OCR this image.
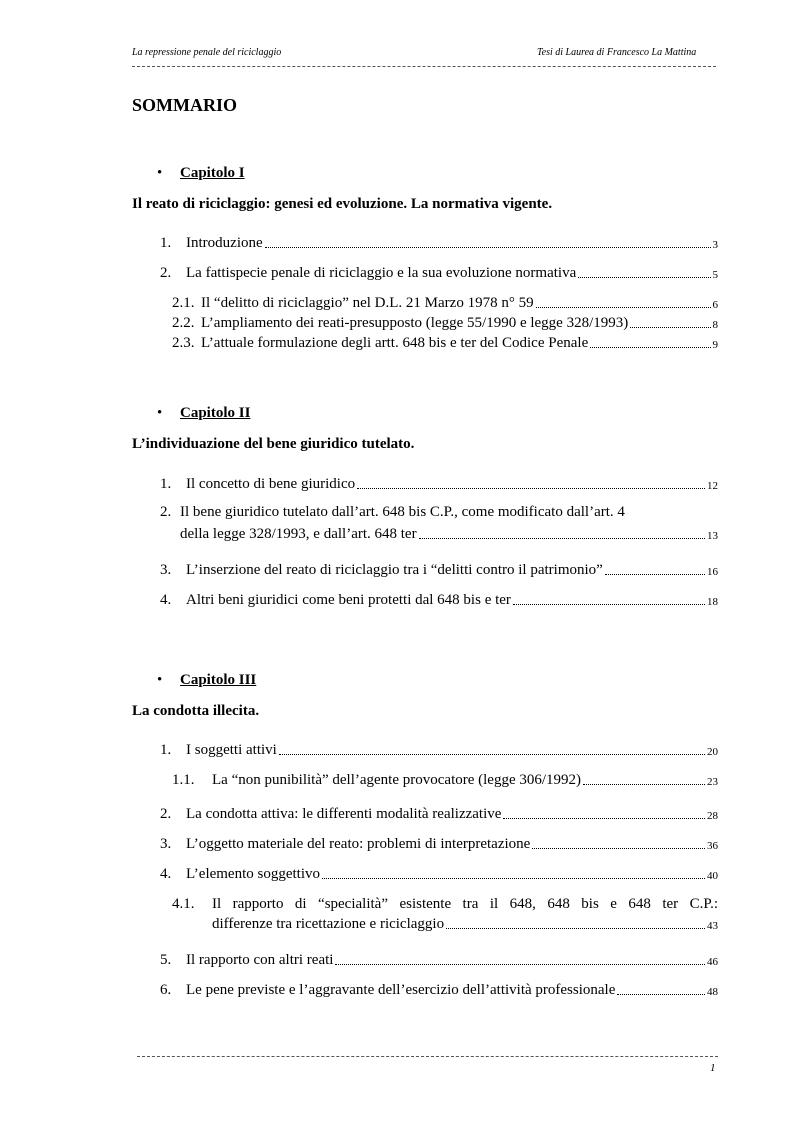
La repressione penale del riciclaggio	Tesi di Laurea di Francesco La Mattina
SOMMARIO
• Capitolo I
Il reato di riciclaggio: genesi ed evoluzione. La normativa vigente.
1. Introduzione	3
2. La fattispecie penale di riciclaggio e la sua evoluzione normativa	5
2.1. Il “delitto di riciclaggio” nel D.L. 21 Marzo 1978 n° 59	6
2.2. L’ampliamento dei reati-presupposto (legge 55/1990 e legge 328/1993)	8
2.3. L’attuale formulazione degli artt. 648 bis e ter del Codice Penale	9
• Capitolo II
L’individuazione del bene giuridico tutelato.
1. Il concetto di bene giuridico	12
2. Il bene giuridico tutelato dall’art. 648 bis C.P., come modificato dall’art. 4
della legge 328/1993, e dall’art. 648 ter	13
3. L’inserzione del reato di riciclaggio tra i “delitti contro il patrimonio”	16
4. Altri beni giuridici come beni protetti dal 648 bis e ter	18
• Capitolo III
La condotta illecita.
1. I soggetti attivi	20
1.1.	La “non punibilità” dell’agente provocatore (legge 306/1992)	23
2. La condotta attiva: le differenti modalità realizzative	28
3. L’oggetto materiale del reato: problemi di interpretazione	36
4. L’elemento soggettivo	40
4.1.	Il rapporto di “specialità” esistente tra il 648, 648 bis e 648 ter C.P.:
differenze tra ricettazione e riciclaggio	43
5. Il rapporto con altri reati	46
6. Le pene previste e l’aggravante dell’esercizio dell’attività professionale	48
1
